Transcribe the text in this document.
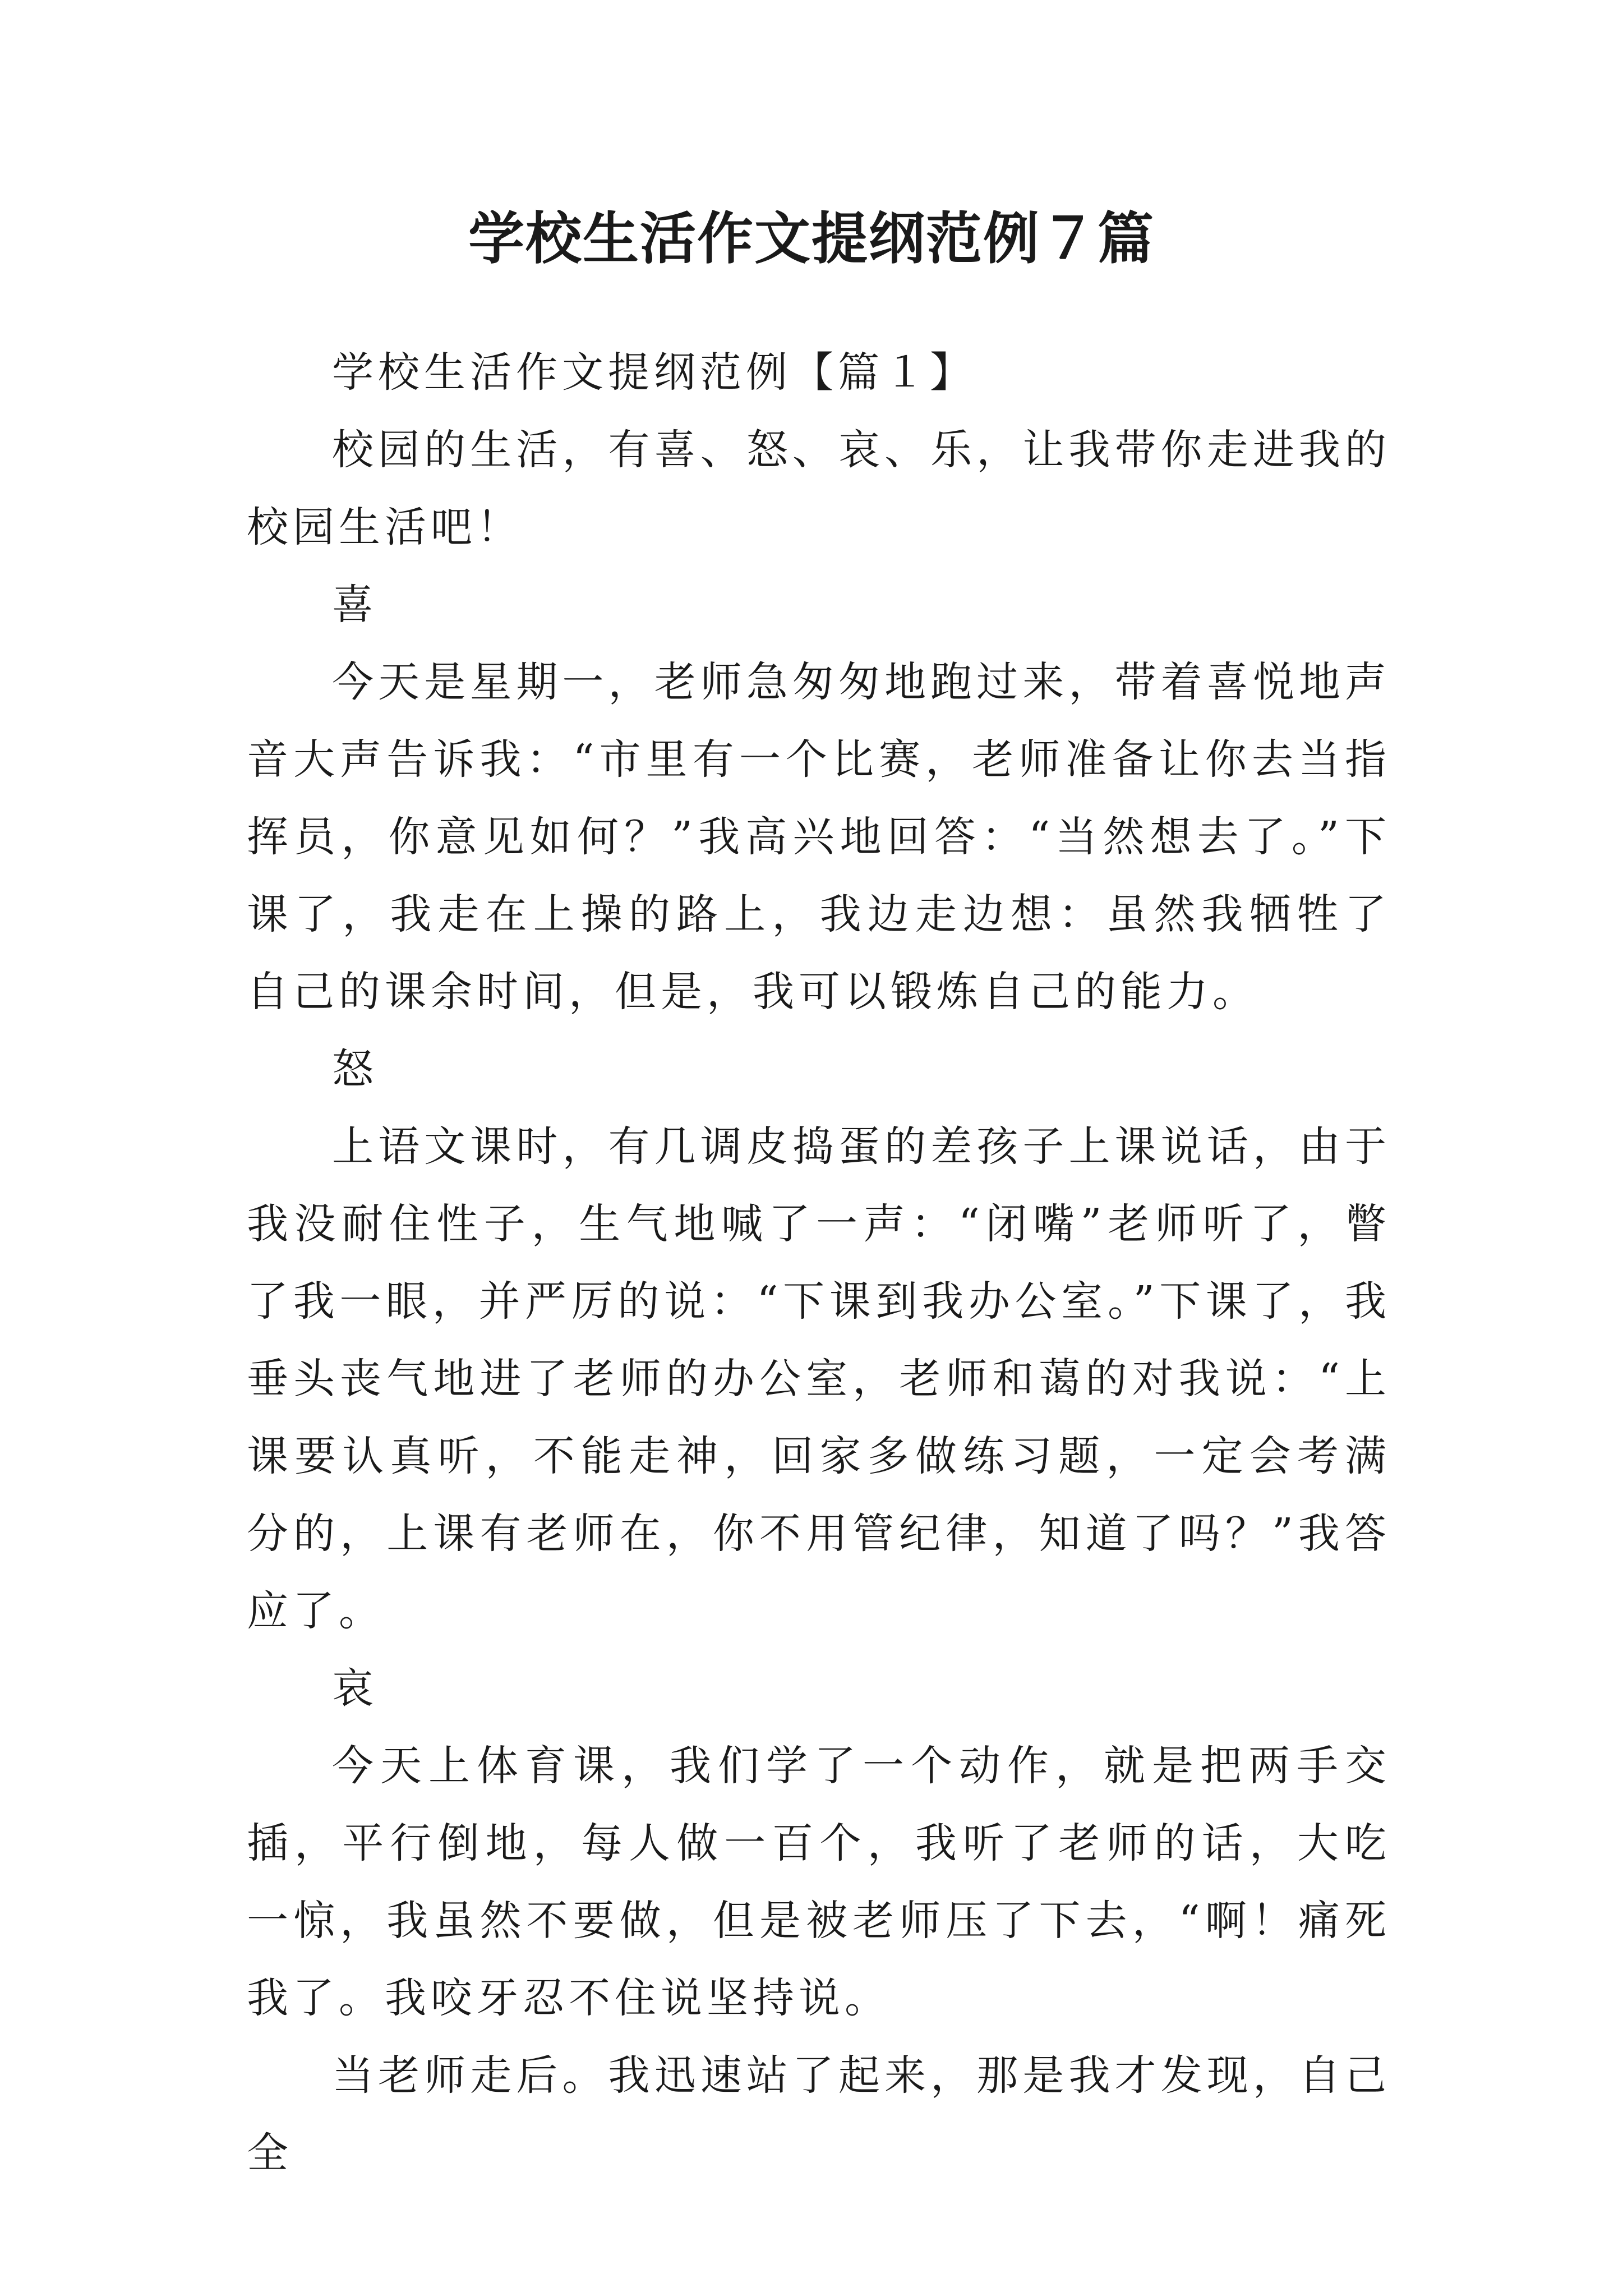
学校生活作文提纲范例７篇

学校生活作文提纲范例【篇１】

校园的生活，有喜、怒、哀、乐，让我带你走进我的校园生活吧！

喜

今天是星期一，老师急匆匆地跑过来，带着喜悦地声音大声告诉我：“市里有一个比赛，老师准备让你去当指挥员，你意见如何？”我高兴地回答：“当然想去了。”下课了，我走在上操的路上，我边走边想：虽然我牺牲了自己的课余时间，但是，我可以锻炼自己的能力。

怒

上语文课时，有几调皮捣蛋的差孩子上课说话，由于我没耐住性子，生气地喊了一声：“闭嘴”老师听了，瞥了我一眼，并严厉的说：“下课到我办公室。”下课了，我垂头丧气地进了老师的办公室，老师和蔼的对我说：“上课要认真听，不能走神，回家多做练习题，一定会考满分的，上课有老师在，你不用管纪律，知道了吗？”我答应了。

哀

今天上体育课，我们学了一个动作，就是把两手交插，平行倒地，每人做一百个，我听了老师的话，大吃一惊，我虽然不要做，但是被老师压了下去，“啊！痛死我了。我咬牙忍不住说坚持说。

当老师走后。我迅速站了起来，那是我才发现，自己全
